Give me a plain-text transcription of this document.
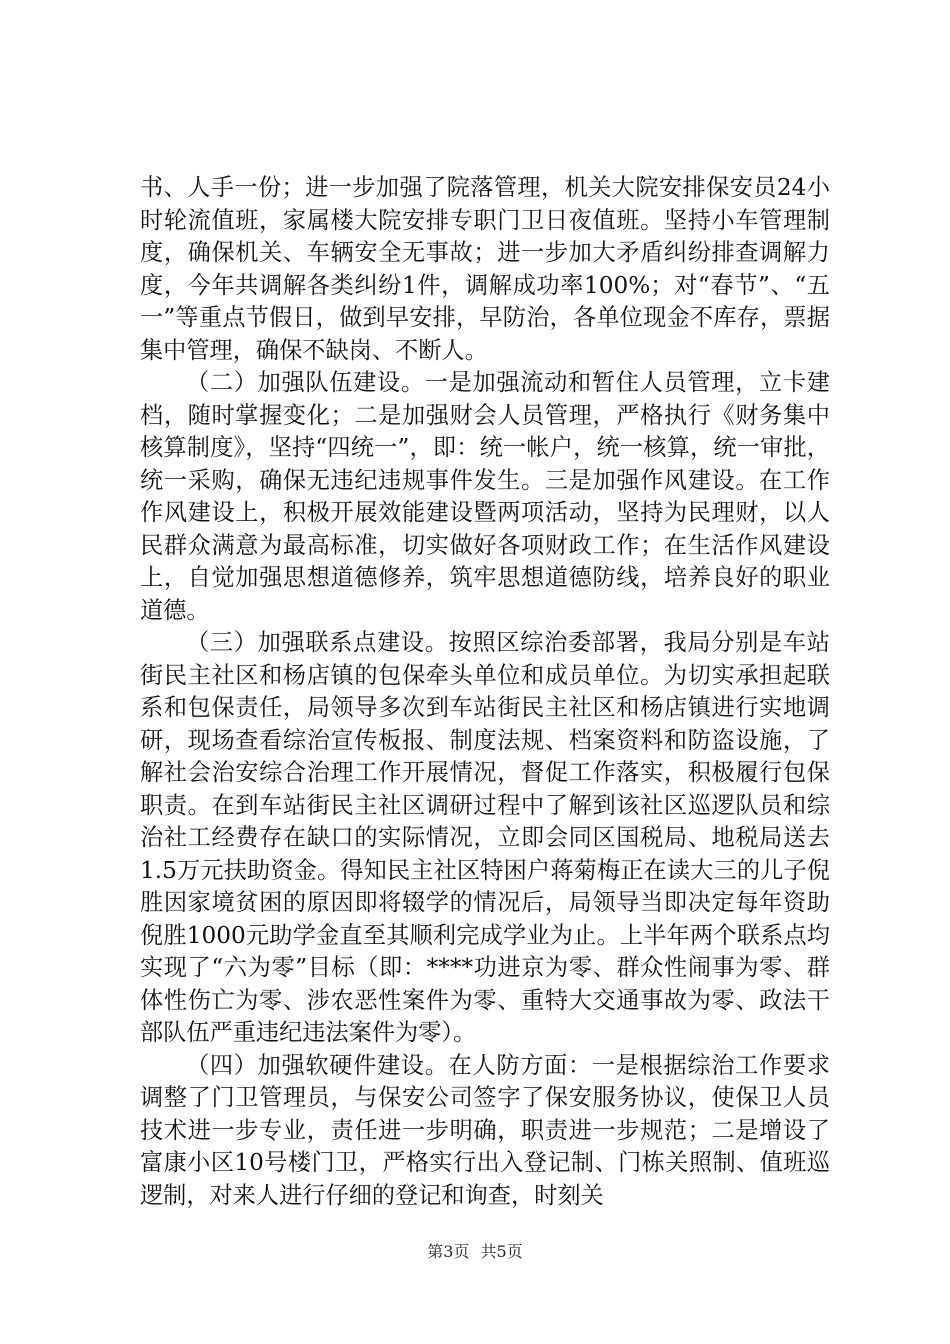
书、人手一份；进一步加强了院落管理，机关大院安排保安员24小时轮流值班，家属楼大院安排专职门卫日夜值班。坚持小车管理制度，确保机关、车辆安全无事故；进一步加大矛盾纠纷排查调解力度，今年共调解各类纠纷1件，调解成功率100%；对“春节”、“五一”等重点节假日，做到早安排，早防治，各单位现金不库存，票据集中管理，确保不缺岗、不断人。

（二）加强队伍建设。一是加强流动和暂住人员管理，立卡建档，随时掌握变化；二是加强财会人员管理，严格执行《财务集中核算制度》，坚持“四统一”，即：统一帐户，统一核算，统一审批，统一采购，确保无违纪违规事件发生。三是加强作风建设。在工作作风建设上，积极开展效能建设暨两项活动，坚持为民理财，以人民群众满意为最高标准，切实做好各项财政工作；在生活作风建设上，自觉加强思想道德修养，筑牢思想道德防线，培养良好的职业道德。

（三）加强联系点建设。按照区综治委部署，我局分别是车站街民主社区和杨店镇的包保牵头单位和成员单位。为切实承担起联系和包保责任，局领导多次到车站街民主社区和杨店镇进行实地调研，现场查看综治宣传板报、制度法规、档案资料和防盗设施，了解社会治安综合治理工作开展情况，督促工作落实，积极履行包保职责。在到车站街民主社区调研过程中了解到该社区巡逻队员和综治社工经费存在缺口的实际情况，立即会同区国税局、地税局送去1.5万元扶助资金。得知民主社区特困户蒋菊梅正在读大三的儿子倪胜因家境贫困的原因即将辍学的情况后，局领导当即决定每年资助倪胜1000元助学金直至其顺利完成学业为止。上半年两个联系点均实现了“六为零”目标（即：****功进京为零、群众性闹事为零、群体性伤亡为零、涉农恶性案件为零、重特大交通事故为零、政法干部队伍严重违纪违法案件为零）。

（四）加强软硬件建设。在人防方面：一是根据综治工作要求调整了门卫管理员，与保安公司签字了保安服务协议，使保卫人员技术进一步专业，责任进一步明确，职责进一步规范；二是增设了富康小区10号楼门卫，严格实行出入登记制、门栋关照制、值班巡逻制，对来人进行仔细的登记和询查，时刻关

第3页 共5页
